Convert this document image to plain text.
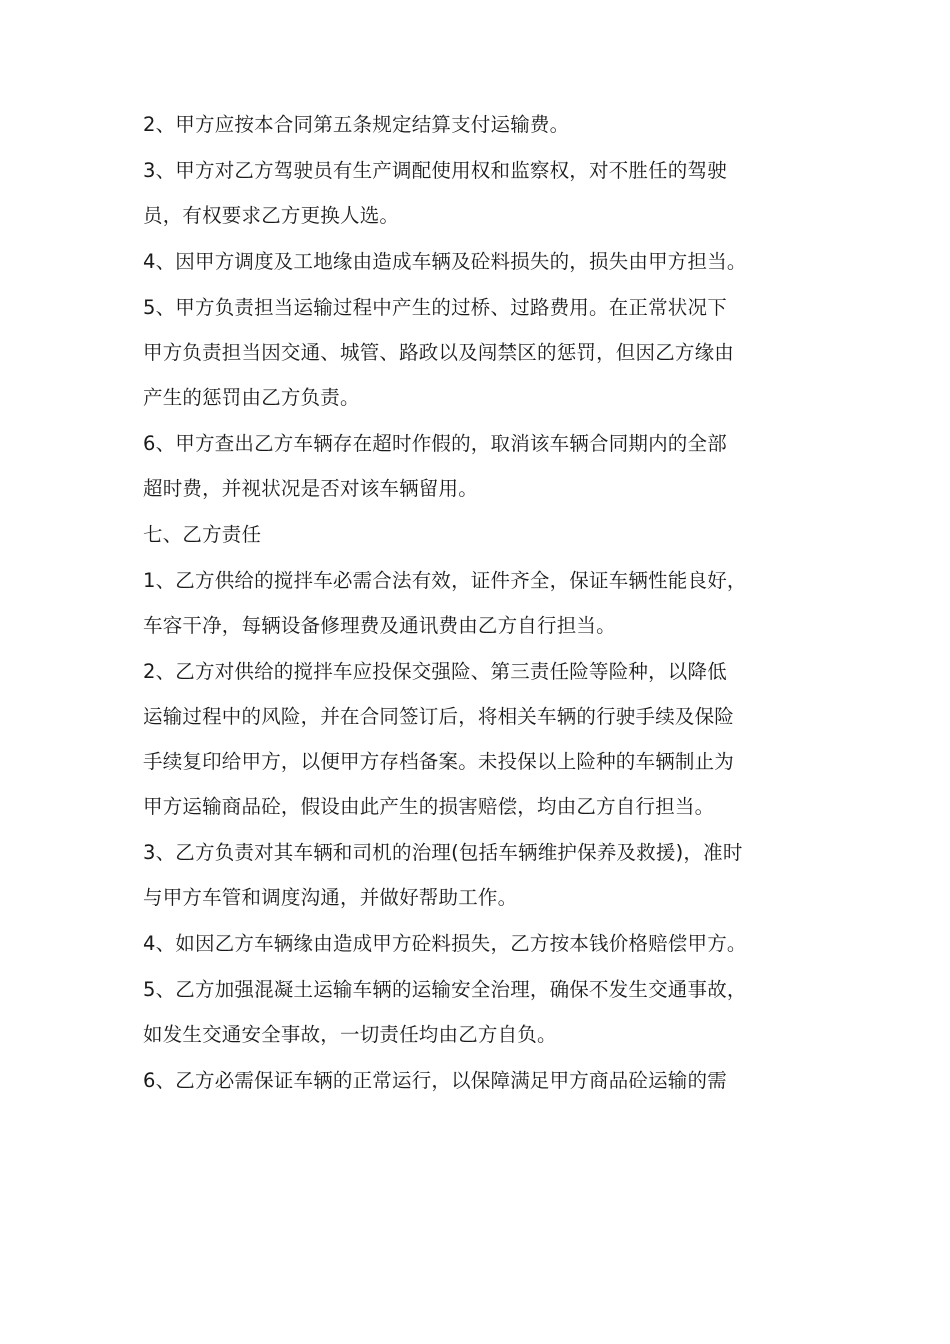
2、甲方应按本合同第五条规定结算支付运输费。

3、甲方对乙方驾驶员有生产调配使用权和监察权，对不胜任的驾驶
员，有权要求乙方更换人选。

4、因甲方调度及工地缘由造成车辆及砼料损失的，损失由甲方担当。

5、甲方负责担当运输过程中产生的过桥、过路费用。在正常状况下
甲方负责担当因交通、城管、路政以及闯禁区的惩罚，但因乙方缘由
产生的惩罚由乙方负责。

6、甲方查出乙方车辆存在超时作假的，取消该车辆合同期内的全部
超时费，并视状况是否对该车辆留用。

七、乙方责任

1、乙方供给的搅拌车必需合法有效，证件齐全，保证车辆性能良好，
车容干净，每辆设备修理费及通讯费由乙方自行担当。

2、乙方对供给的搅拌车应投保交强险、第三责任险等险种，以降低
运输过程中的风险，并在合同签订后，将相关车辆的行驶手续及保险
手续复印给甲方，以便甲方存档备案。未投保以上险种的车辆制止为
甲方运输商品砼，假设由此产生的损害赔偿，均由乙方自行担当。

3、乙方负责对其车辆和司机的治理(包括车辆维护保养及救援)，准时
与甲方车管和调度沟通，并做好帮助工作。

4、如因乙方车辆缘由造成甲方砼料损失，乙方按本钱价格赔偿甲方。

5、乙方加强混凝土运输车辆的运输安全治理，确保不发生交通事故，
如发生交通安全事故，一切责任均由乙方自负。

6、乙方必需保证车辆的正常运行，以保障满足甲方商品砼运输的需
